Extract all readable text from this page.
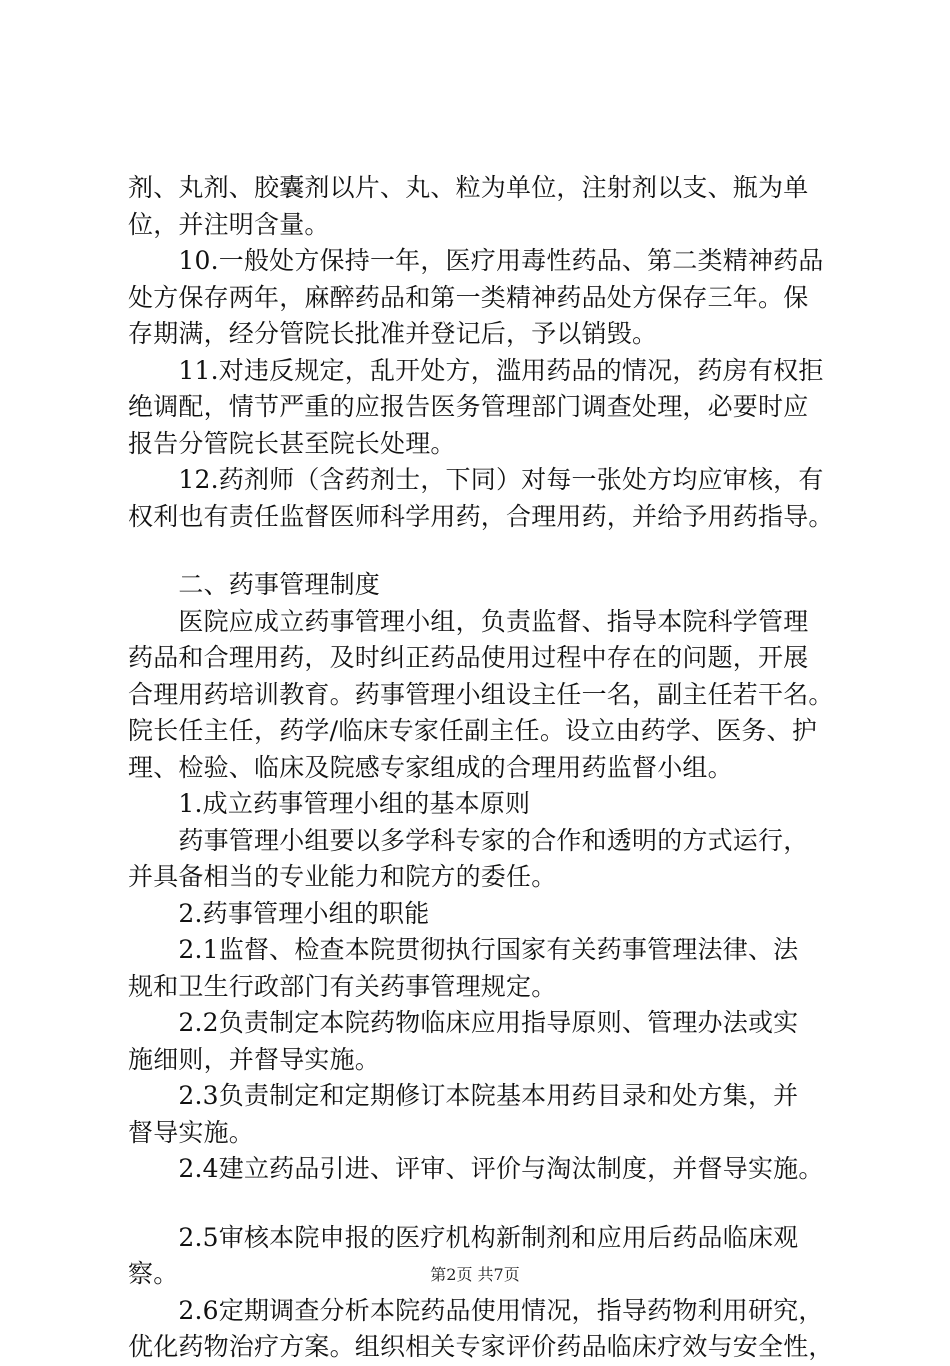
剂、丸剂、胶囊剂以片、丸、粒为单位，注射剂以支、瓶为单
位，并注明含量。
　　10.一般处方保持一年，医疗用毒性药品、第二类精神药品
处方保存两年，麻醉药品和第一类精神药品处方保存三年。保
存期满，经分管院长批准并登记后，予以销毁。
　　11.对违反规定，乱开处方，滥用药品的情况，药房有权拒
绝调配，情节严重的应报告医务管理部门调查处理，必要时应
报告分管院长甚至院长处理。
　　12.药剂师（含药剂士，下同）对每一张处方均应审核，有
权利也有责任监督医师科学用药，合理用药，并给予用药指导。
　　二、药事管理制度
　　医院应成立药事管理小组，负责监督、指导本院科学管理
药品和合理用药，及时纠正药品使用过程中存在的问题，开展
合理用药培训教育。药事管理小组设主任一名，副主任若干名。
院长任主任，药学/临床专家任副主任。设立由药学、医务、护
理、检验、临床及院感专家组成的合理用药监督小组。
　　1.成立药事管理小组的基本原则
　　药事管理小组要以多学科专家的合作和透明的方式运行，
并具备相当的专业能力和院方的委任。
　　2.药事管理小组的职能
　　2.1监督、检查本院贯彻执行国家有关药事管理法律、法
规和卫生行政部门有关药事管理规定。
　　2.2负责制定本院药物临床应用指导原则、管理办法或实
施细则，并督导实施。
　　2.3负责制定和定期修订本院基本用药目录和处方集，并
督导实施。
　　2.4建立药品引进、评审、评价与淘汰制度，并督导实施。
　　2.5审核本院申报的医疗机构新制剂和应用后药品临床观
察。
　　2.6定期调查分析本院药品使用情况，指导药物利用研究，
优化药物治疗方案。组织相关专家评价药品临床疗效与安全性，
第2页 共7页
